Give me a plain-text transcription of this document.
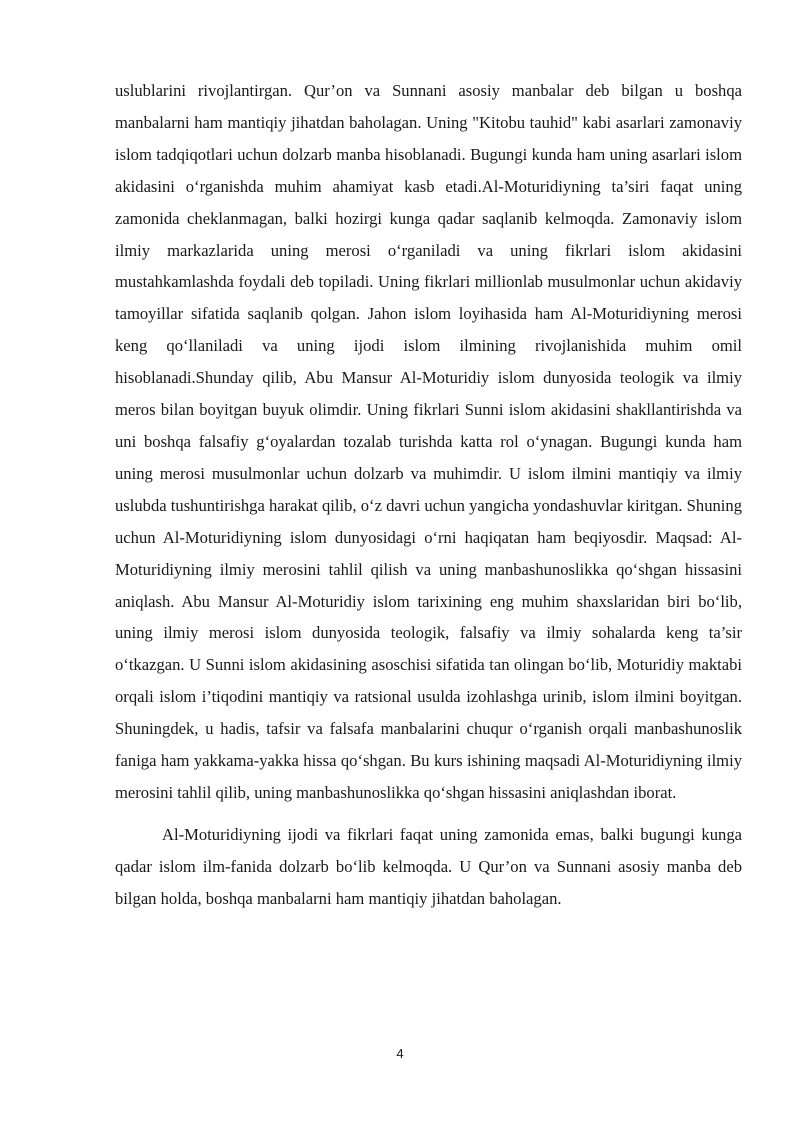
uslublarini rivojlantirgan. Qur’on va Sunnani asosiy manbalar deb bilgan u boshqa manbalarni ham mantiqiy jihatdan baholagan. Uning "Kitobu tauhid" kabi asarlari zamonaviy islom tadqiqotlari uchun dolzarb manba hisoblanadi. Bugungi kunda ham uning asarlari islom akidasini o‘rganishda muhim ahamiyat kasb etadi.Al-Moturidiyning ta’siri faqat uning zamonida cheklanmagan, balki hozirgi kunga qadar saqlanib kelmoqda. Zamonaviy islom ilmiy markazlarida uning merosi o‘rganiladi va uning fikrlari islom akidasini mustahkamlashda foydali deb topiladi. Uning fikrlari millionlab musulmonlar uchun akidaviy tamoyillar sifatida saqlanib qolgan. Jahon islom loyihasida ham Al-Moturidiyning merosi keng qo‘llaniladi va uning ijodi islom ilmining rivojlanishida muhim omil hisoblanadi.Shunday qilib, Abu Mansur Al-Moturidiy islom dunyosida teologik va ilmiy meros bilan boyitgan buyuk olimdir. Uning fikrlari Sunni islom akidasini shakllantirishda va uni boshqa falsafiy g‘oyalardan tozalab turishda katta rol o‘ynagan. Bugungi kunda ham uning merosi musulmonlar uchun dolzarb va muhimdir. U islom ilmini mantiqiy va ilmiy uslubda tushuntirishga harakat qilib, o‘z davri uchun yangicha yondashuvlar kiritgan. Shuning uchun Al-Moturidiyning islom dunyosidagi o‘rni haqiqatan ham beqiyosdir. Maqsad: Al-Moturidiyning ilmiy merosini tahlil qilish va uning manbashunoslikka qo‘shgan hissasini aniqlash. Abu Mansur Al-Moturidiy islom tarixining eng muhim shaxslaridan biri bo‘lib, uning ilmiy merosi islom dunyosida teologik, falsafiy va ilmiy sohalarda keng ta’sir o‘tkazgan. U Sunni islom akidasining asoschisi sifatida tan olingan bo‘lib, Moturidiy maktabi orqali islom i’tiqodini mantiqiy va ratsional usulda izohlashga urinib, islom ilmini boyitgan. Shuningdek, u hadis, tafsir va falsafa manbalarini chuqur o‘rganish orqali manbashunoslik faniga ham yakkama-yakka hissa qo‘shgan. Bu kurs ishining maqsadi Al-Moturidiyning ilmiy merosini tahlil qilib, uning manbashunoslikka qo‘shgan hissasini aniqlashdan iborat.

Al-Moturidiyning ijodi va fikrlari faqat uning zamonida emas, balki bugungi kunga qadar islom ilm-fanida dolzarb bo‘lib kelmoqda. U Qur’on va Sunnani asosiy manba deb bilgan holda, boshqa manbalarni ham mantiqiy jihatdan baholagan.

4
